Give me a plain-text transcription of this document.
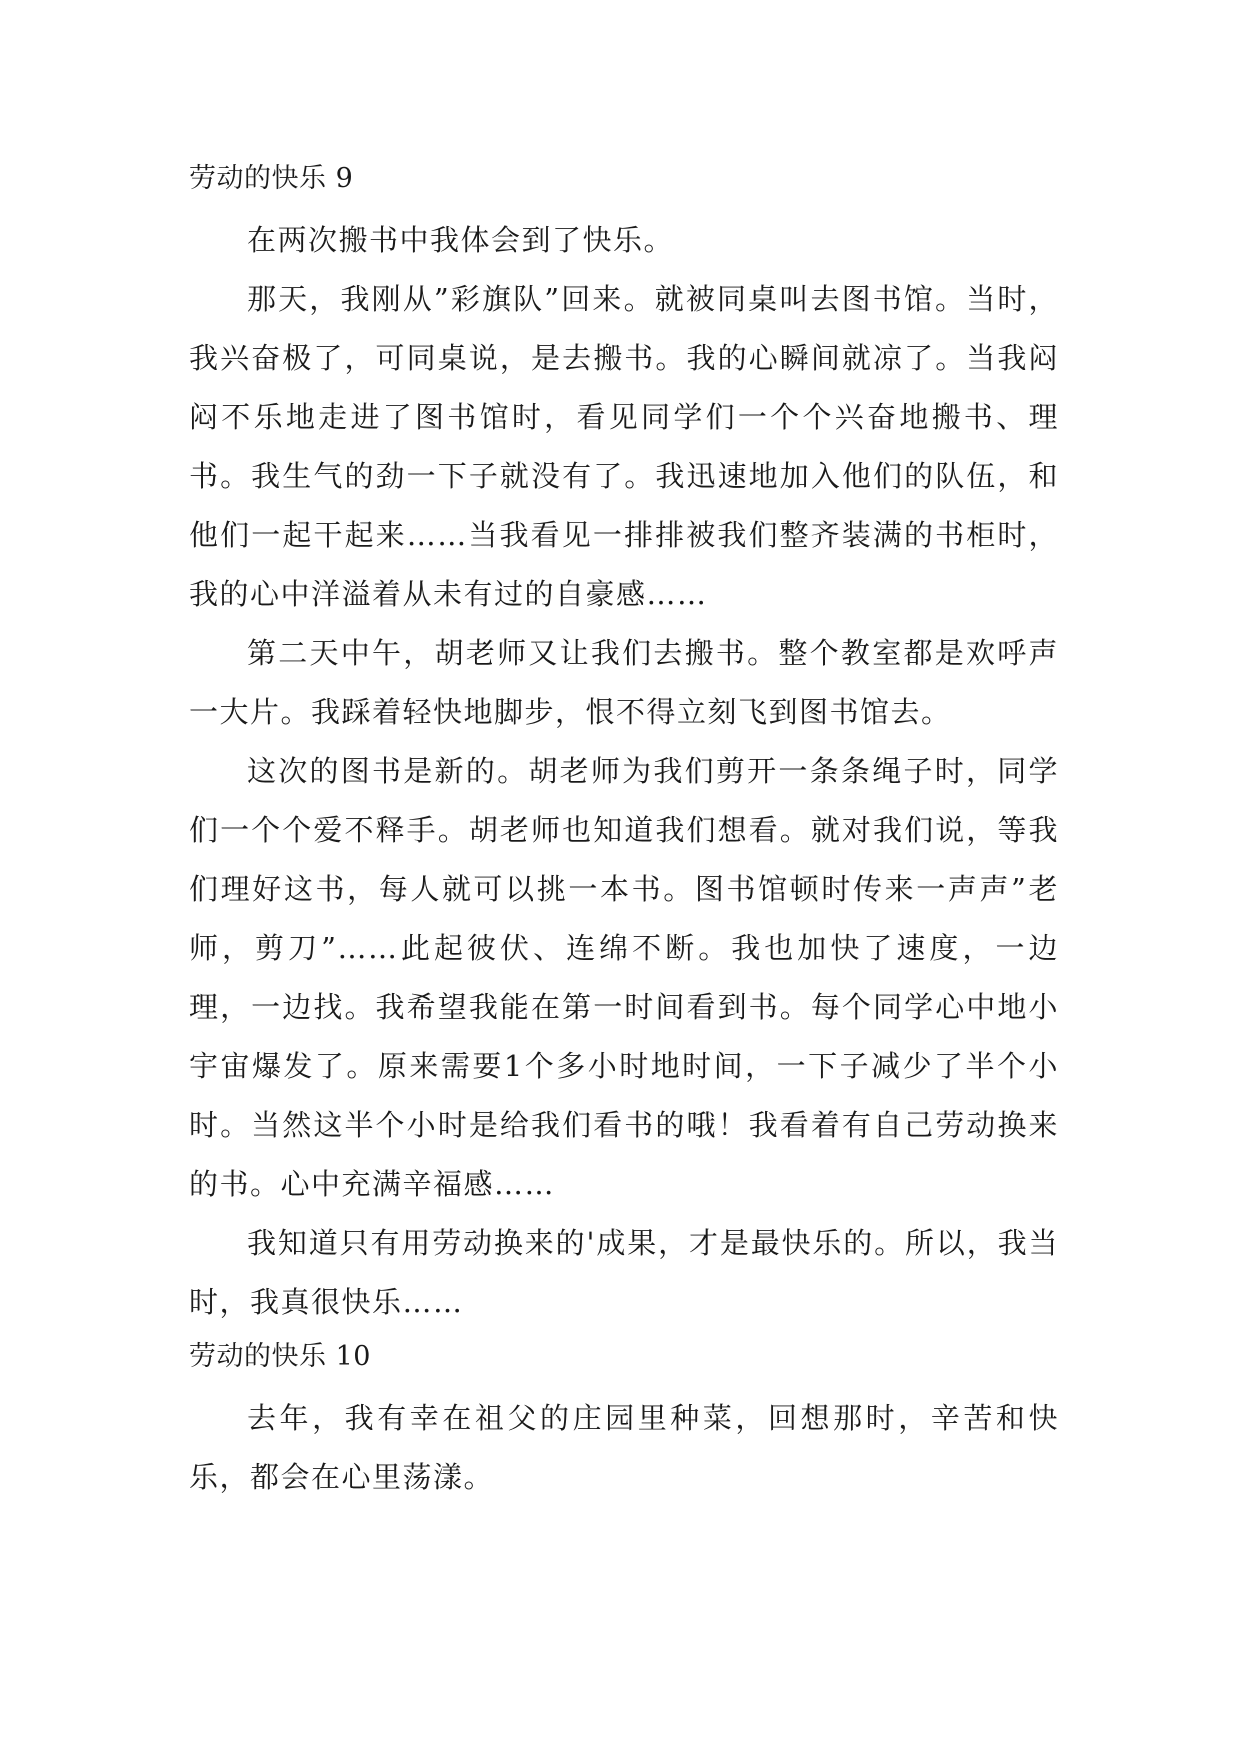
劳动的快乐 9

在两次搬书中我体会到了快乐。

那天，我刚从”彩旗队”回来。就被同桌叫去图书馆。当时，我兴奋极了，可同桌说，是去搬书。我的心瞬间就凉了。当我闷闷不乐地走进了图书馆时，看见同学们一个个兴奋地搬书、理书。我生气的劲一下子就没有了。我迅速地加入他们的队伍，和他们一起干起来……当我看见一排排被我们整齐装满的书柜时，我的心中洋溢着从未有过的自豪感……

第二天中午，胡老师又让我们去搬书。整个教室都是欢呼声一大片。我踩着轻快地脚步，恨不得立刻飞到图书馆去。

这次的图书是新的。胡老师为我们剪开一条条绳子时，同学们一个个爱不释手。胡老师也知道我们想看。就对我们说，等我们理好这书，每人就可以挑一本书。图书馆顿时传来一声声”老师，剪刀”……此起彼伏、连绵不断。我也加快了速度，一边理，一边找。我希望我能在第一时间看到书。每个同学心中地小宇宙爆发了。原来需要1个多小时地时间，一下子减少了半个小时。当然这半个小时是给我们看书的哦！我看着有自己劳动换来的书。心中充满辛福感……

我知道只有用劳动换来的'成果，才是最快乐的。所以，我当时，我真很快乐……

劳动的快乐 10

去年，我有幸在祖父的庄园里种菜，回想那时，辛苦和快乐，都会在心里荡漾。
